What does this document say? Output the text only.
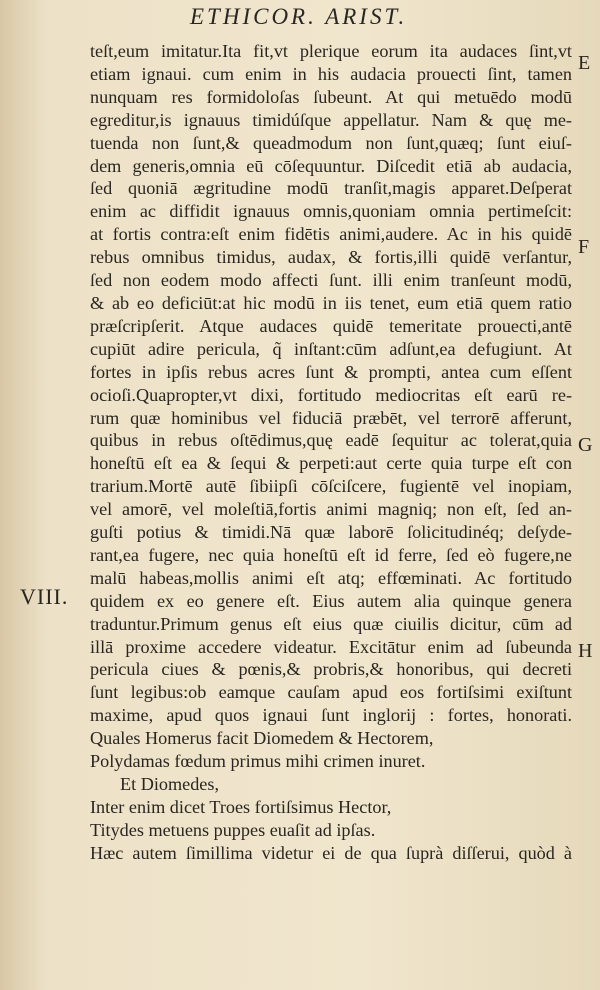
ETHICOR. ARIST.
E
F
G
H
VIII.
teſt,eum imitatur.Ita fit,vt plerique eorum ita audaces ſint,vt
etiam ignaui. cum enim in his audacia prouecti ſint, tamen
nunquam res formidoloſas ſubeunt. At qui metuēdo modū
egreditur,is ignauus timidúſque appellatur. Nam & quę me-
tuenda non ſunt,& queadmodum non ſunt,quæq; ſunt eiuſ-
dem generis,omnia eū cōſequuntur. Diſcedit etiā ab audacia,
ſed quoniā ægritudine modū tranſit,magis apparet.Deſperat
enim ac diffidit ignauus omnis,quoniam omnia pertimeſcit:
at fortis contra:eſt enim fidētis animi,audere. Ac in his quidē
rebus omnibus timidus, audax, & fortis,illi quidē verſantur,
ſed non eodem modo affecti ſunt. illi enim tranſeunt modū,
& ab eo deficiūt:at hic modū in iis tenet, eum etiā quem ratio
præſcripſerit. Atque audaces quidē temeritate prouecti,antē
cupiūt adire pericula, q̃ inſtant:cūm adſunt,ea defugiunt. At
fortes in ipſis rebus acres ſunt & prompti, antea cum eſſent
ocioſi.Quapropter,vt dixi, fortitudo mediocritas eſt earū re-
rum quæ hominibus vel fiduciā præbēt, vel terrorē afferunt,
quibus in rebus oſtēdimus,quę eadē ſequitur ac tolerat,quia
honeſtū eſt ea & ſequi & perpeti:aut certe quia turpe eſt con
trarium.Mortē autē ſibiipſi cōſciſcere, fugientē vel inopiam,
vel amorē, vel moleſtiā,fortis animi magniq; non eſt, ſed an-
guſti potius & timidi.Nā quæ laborē ſolicitudinéq; deſyde-
rant,ea fugere, nec quia honeſtū eſt id ferre, ſed eò fugere,ne
malū habeas,mollis animi eſt atq; effœminati. Ac fortitudo
quidem ex eo genere eſt. Eius autem alia quinque genera
traduntur.Primum genus eſt eius quæ ciuilis dicitur, cūm ad
illā proxime accedere videatur. Excitātur enim ad ſubeunda
pericula ciues & pœnis,& probris,& honoribus, qui decreti
ſunt legibus:ob eamque cauſam apud eos fortiſsimi exiſtunt
maxime, apud quos ignaui ſunt inglorij : fortes, honorati.
Quales Homerus facit Diomedem & Hectorem,
Polydamas fœdum primus mihi crimen inuret.
Et Diomedes,
Inter enim dicet Troes fortiſsimus Hector,
Titydes metuens puppes euaſit ad ipſas.
Hæc autem ſimillima videtur ei de qua ſuprà diſſerui, quòd à
